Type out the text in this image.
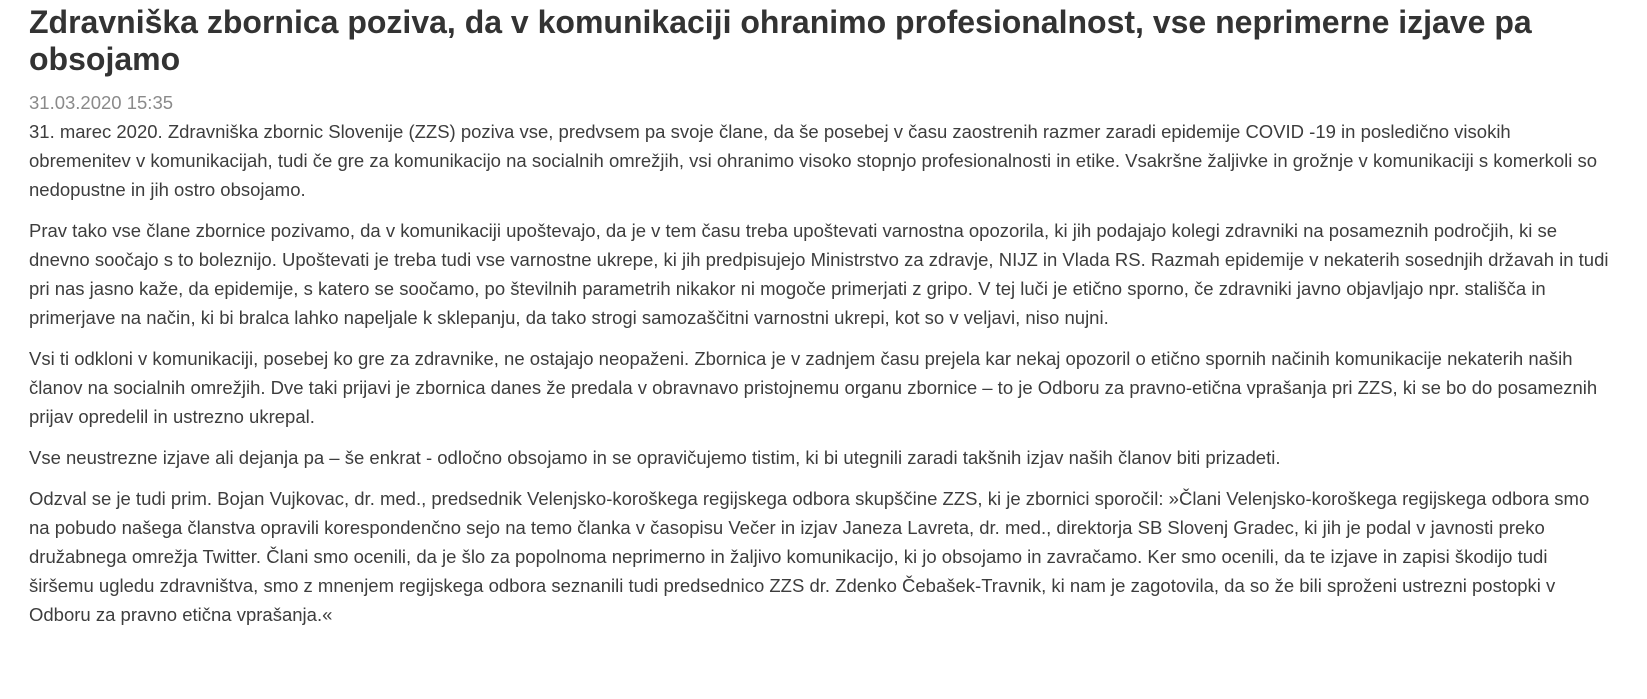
Zdravniška zbornica poziva, da v komunikaciji ohranimo profesionalnost, vse neprimerne izjave pa obsojamo
31.03.2020 15:35

31. marec 2020. Zdravniška zbornic Slovenije (ZZS) poziva vse, predvsem pa svoje člane, da še posebej v času zaostrenih razmer zaradi epidemije COVID -19 in posledično visokih obremenitev v komunikacijah, tudi če gre za komunikacijo na socialnih omrežjih, vsi ohranimo visoko stopnjo profesionalnosti in etike. Vsakršne žaljivke in grožnje v komunikaciji s komerkoli so nedopustne in jih ostro obsojamo.

Prav tako vse člane zbornice pozivamo, da v komunikaciji upoštevajo, da je v tem času treba upoštevati varnostna opozorila, ki jih podajajo kolegi zdravniki na posameznih področjih, ki se dnevno soočajo s to boleznijo. Upoštevati je treba tudi vse varnostne ukrepe, ki jih predpisujejo Ministrstvo za zdravje, NIJZ in Vlada RS. Razmah epidemije v nekaterih sosednjih državah in tudi pri nas jasno kaže, da epidemije, s katero se soočamo, po številnih parametrih nikakor ni mogoče primerjati z gripo. V tej luči je etično sporno, če zdravniki javno objavljajo npr. stališča in primerjave na način, ki bi bralca lahko napeljale k sklepanju, da tako strogi samozaščitni varnostni ukrepi, kot so v veljavi, niso nujni.

Vsi ti odkloni v komunikaciji, posebej ko gre za zdravnike, ne ostajajo neopaženi. Zbornica je v zadnjem času prejela kar nekaj opozoril o etično spornih načinih komunikacije nekaterih naših članov na socialnih omrežjih. Dve taki prijavi je zbornica danes že predala v obravnavo pristojnemu organu zbornice – to je Odboru za pravno-etična vprašanja pri ZZS, ki se bo do posameznih prijav opredelil in ustrezno ukrepal.

Vse neustrezne izjave ali dejanja pa – še enkrat - odločno obsojamo in se opravičujemo tistim, ki bi utegnili zaradi takšnih izjav naših članov biti prizadeti.

Odzval se je tudi prim. Bojan Vujkovac, dr. med., predsednik Velenjsko-koroškega regijskega odbora skupščine ZZS, ki je zbornici sporočil: »Člani Velenjsko-koroškega regijskega odbora smo na pobudo našega članstva opravili korespondenčno sejo na temo članka v časopisu Večer in izjav Janeza Lavreta, dr. med., direktorja SB Slovenj Gradec, ki jih je podal v javnosti preko družabnega omrežja Twitter. Člani smo ocenili, da je šlo za popolnoma neprimerno in žaljivo komunikacijo, ki jo obsojamo in zavračamo. Ker smo ocenili, da te izjave in zapisi škodijo tudi širšemu ugledu zdravništva, smo z mnenjem regijskega odbora seznanili tudi predsednico ZZS dr. Zdenko Čebašek-Travnik, ki nam je zagotovila, da so že bili sproženi ustrezni postopki v Odboru za pravno etična vprašanja.«
